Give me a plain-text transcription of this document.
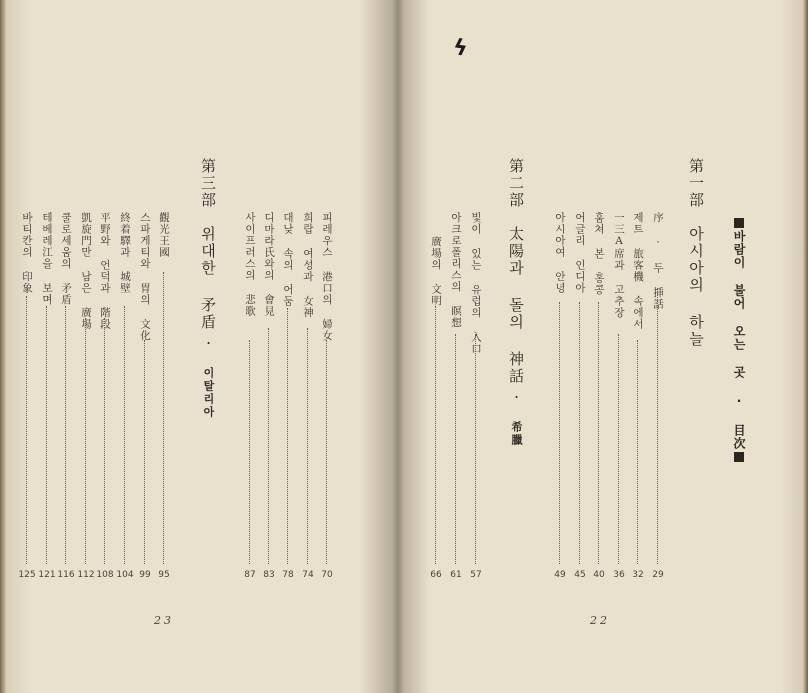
바람이 불어 오는 곳 · 目次
ϟ
第一部　아시아의 하늘
第二部　太陽과 돌의 神話· 希臘
序 · 두 挿話
29
제트 旅客機 속에서
32
一三A席과 고추장
36
훔쳐 본 홍콩
40
어글리 인디아
45
아시아여 안녕
49
빛이 있는 유럽의 入口
57
아크로폴리스의 瞑想
61
廣場의 文明
66
22
피레우스 港口의 婦女
70
희랍 여성과 女神
74
대낮 속의 어둠
78
디마라氏와의 會見
83
사이프러스의 悲歌
87
第三部　위대한 矛盾· 이탈리아
觀光王國
95
스파게티와 胃의 文化
99
終着驛과 城壁
104
平野와 언덕과 階段
108
凱旋門만 남은 廣場
112
쿨로세움의 矛盾
116
테베레江을 보며
121
바티칸의 印象
125
23
